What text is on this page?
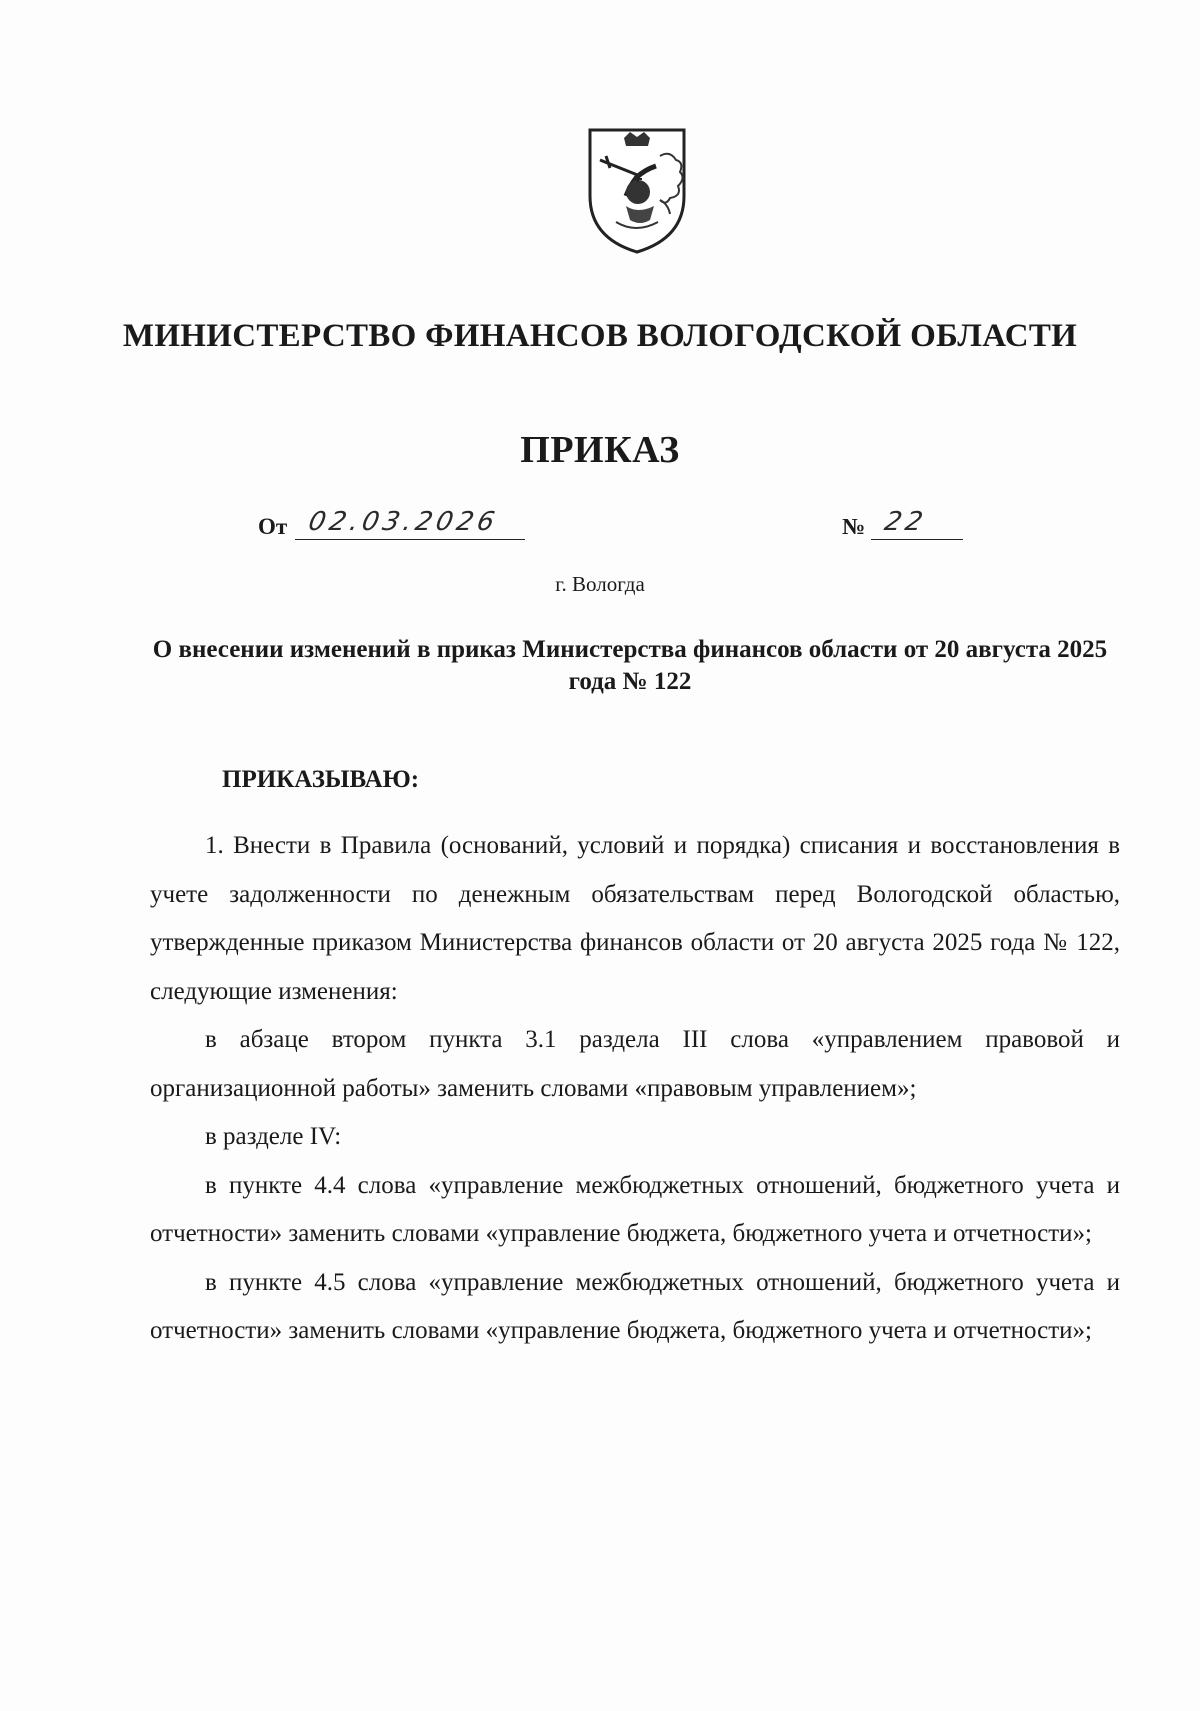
МИНИСТЕРСТВО ФИНАНСОВ ВОЛОГОДСКОЙ ОБЛАСТИ
ПРИКАЗ
От 02.03.2026	№ 22
г. Вологда
О внесении изменений в приказ Министерства финансов области от 20 августа 2025 года № 122
ПРИКАЗЫВАЮ:

1. Внести в Правила (оснований, условий и порядка) списания и восстановления в учете задолженности по денежным обязательствам перед Вологодской областью, утвержденные приказом Министерства финансов области от 20 августа 2025 года № 122, следующие изменения:

в абзаце втором пункта 3.1 раздела III слова «управлением правовой и организационной работы» заменить словами «правовым управлением»;

в разделе IV:

в пункте 4.4 слова «управление межбюджетных отношений, бюджетного учета и отчетности» заменить словами «управление бюджета, бюджетного учета и отчетности»;

в пункте 4.5 слова «управление межбюджетных отношений, бюджетного учета и отчетности» заменить словами «управление бюджета, бюджетного учета и отчетности»;
